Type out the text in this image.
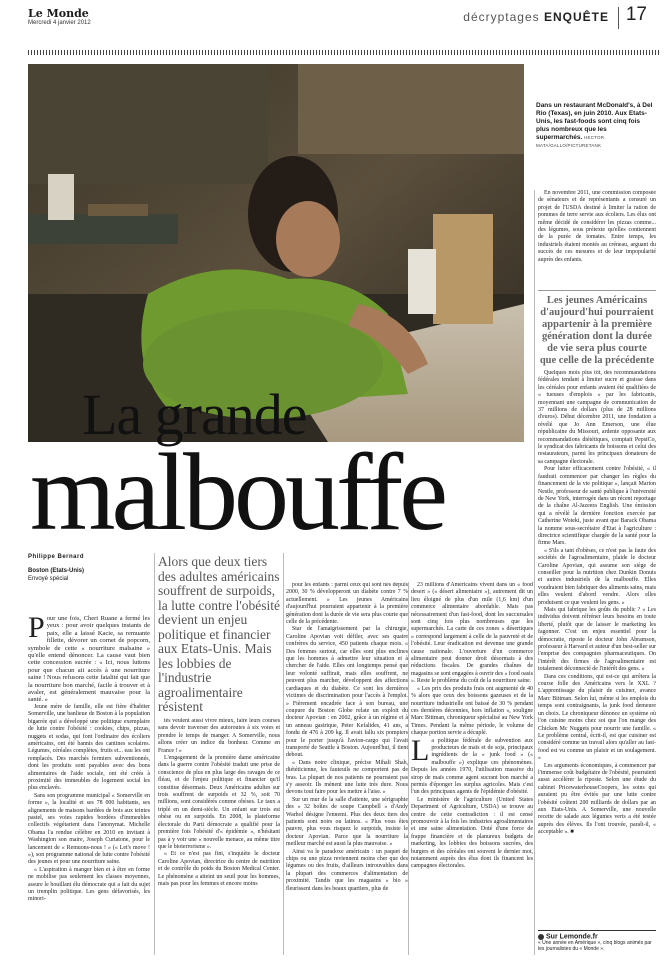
Le Monde
Mercredi 4 janvier 2012	décryptages ENQUÊTE 17
Dans un restaurant McDonald's, à Del Rio (Texas), en juin 2010. Aux Etats-Unis, les fast-foods sont cinq fois plus nombreux que les supermarchés. HECTOR MATA/GALLO/PICTURETANK
La grande
malbouffe
Philippe Bernard
Boston (Etats-Unis)
Envoyé spécial

Alors que deux tiers des adultes américains souffrent de surpoids, la lutte contre l'obésité devient un enjeu politique et financier aux Etats-Unis. Mais les lobbies de l'industrie agroalimentaire résistent

Pour une fois, Cheri Ruane a fermé les yeux : pour avoir quelques instants de paix, elle a laissé Kacie, sa remuante fillette, dévorer un cornet de popcorn, symbole de cette « nourriture malsaine » qu'elle entend dénoncer. La cause vaut bien cette concession sucrée : « Ici, nous luttons pour que chacun ait accès à une nourriture saine ! Nous refusons cette fatalité qui fait que la nourriture bon marché, facile à trouver et à avaler, est généralement mauvaise pour la santé. »

Jeune mère de famille, elle est fière d'habiter Somerville, une banlieue de Boston à la population bigarrée qui a développé une politique exemplaire de lutte contre l'obésité : cookies, chips, pizzas, nuggets et sodas, qui font l'ordinaire des écoliers américains, ont été bannis des cantines scolaires. Légumes, céréales complètes, fruits et... eau les ont remplacés. Des marchés fermiers subventionnés, dont les produits sont payables avec des bons alimentaires de l'aide sociale, ont été créés à proximité des immeubles de logement social les plus enclavés.

Sans son programme municipal « Somerville en forme », la localité et ses 78 000 habitants, ses alignements de maisons bardées de bois aux teintes pastel, ses voies rapides bordées d'immeubles collectifs végétarient dans l'anonymat. Michelle Obama l'a rendue célèbre en 2010 en invitant à Washington son maire, Joseph Curtatone, pour le lancement de « Remuons-nous ! » (« Let's move ! »), son programme national de lutte contre l'obésité des jeunes et pour une nourriture saine.

« L'aspiration à manger bien et à être en forme ne mobilise pas seulement les classes moyennes, assure le bouillant élu démocrate qui a fait du sujet un tremplin politique. Les gens défavorisés, les minori-

tés veulent aussi vivre mieux, faire leurs courses sans devoir traverser des autoroutes à six voies et prendre le temps de manger. A Somerville, nous allons créer un indice du bonheur. Comme en France ! »

L'engagement de la première dame américaine dans la guerre contre l'obésité traduit une prise de conscience de plus en plus large des ravages de ce fléau, et de l'enjeu politique et financier qu'il constitue désormais. Deux Américains adultes sur trois souffrent de surpoids et 32 %, soit 70 millions, sont considérés comme obèses. Le taux a triplé en un demi-siècle. Un enfant sur trois est obèse ou en surpoids. En 2008, la plateforme électorale du Parti démocrate a qualifié pour la première fois l'obésité d'« épidémie », n'hésitant pas à y voir une « nouvelle menace, au même titre que le bioterrorisme ».

« Et ce n'est pas fini, s'inquiète le docteur Caroline Apovian, directrice du centre de nutrition et de contrôle du poids du Boston Medical Center. Le phénomène a atteint un seuil pour les hommes, mais pas pour les femmes et encore moins

pour les enfants : parmi ceux qui sont nés depuis 2000, 30 % développeront un diabète contre 7 % actuellement. » Les jeunes Américains d'aujourd'hui pourraient appartenir à la première génération dont la durée de vie sera plus courte que celle de la précédente.

Star de l'amaigrissement par la chirurgie, Caroline Apovian voit défiler, avec ses quatre confrères du service, 450 patients chaque mois. « Des femmes surtout, car elles sont plus enclines que les hommes à admettre leur situation et à chercher de l'aide. Elles ont longtemps pensé que leur volonté suffirait, mais elles souffrent, ne peuvent plus marcher, développent des affections cardiaques et du diabète. Ce sont les dernières victimes de discrimination pour l'accès à l'emploi. » Fièrement encadrée face à son bureau, une coupure du Boston Globe relate un exploit du docteur Apovian : en 2002, grâce à un régime et à un anneau gastrique, Peter Kefalides, 41 ans, a fondu de 476 à 209 kg. Il avait fallu six pompiers pour le porter jusqu'à l'avion-cargo qui l'avait transporté de Seattle à Boston. Aujourd'hui, il tient debout.

« Dans notre clinique, précise Mihali Shah, diététicienne, les fauteuils ne comportent pas de bras. La plupart de nos patients ne pourraient pas s'y asseoir. Ils mènent une lutte très dure. Nous devons tout faire pour les mettre à l'aise. »

Sur un mur de la salle d'attente, une sérigraphie des « 32 boîtes de soupe Campbell » d'Andy Warhol désigne l'ennemi. Plus des deux tiers des patients sont noirs ou latinos. « Plus vous êtes pauvre, plus vous risquez le surpoids, insiste le docteur Apovian. Parce que la nourriture la meilleur marché est aussi la plus mauvaise. »

Ainsi va le paradoxe américain : un paquet de chips ou une pizza reviennent moins cher que des légumes ou des fruits, d'ailleurs introuvables dans la plupart des commerces d'alimentation de proximité. Tandis que les magasins « bio » fleurissent dans les beaux quartiers, plus de

23 millions d'Américains vivent dans un « food desert » (« désert alimentaire »), autrement dit un lieu éloigné de plus d'un mile (1,6 km) d'un commerce alimentaire abordable. Mais pas nécessairement d'un fast-food, dont les succursales sont cinq fois plus nombreuses que les supermarchés. La carte de ces zones « désertiques » correspond largement à celle de la pauvreté et de l'obésité. Leur éradication est devenue une grande cause nationale. L'ouverture d'un commerce alimentaire peut donner droit désormais à des réductions fiscales. De grandes chaînes de magasins se sont engagées à ouvrir des « food oasis ». Reste le problème du coût de la nourriture saine.

« Les prix des produits frais ont augmenté de 40 % alors que ceux des boissons gazeuses et de la nourriture industrielle ont baissé de 30 % pendant ces dernières décennies, hors inflation », souligne Marc Bittman, chroniqueur spécialisé au New York Times. Pendant la même période, le volume de chaque portion servie a décuplé.

La politique fédérale de subvention aux producteurs de maïs et de soja, principaux ingrédients de la « junk food » (« malbouffe ») explique ces phénomènes. Depuis les années 1970, l'utilisation massive du sirop de maïs comme agent sucrant bon marché a permis d'éponger les surplus agricoles. Mais c'est l'un des principaux agents de l'épidémie d'obésité.

Le ministère de l'agriculture (United States Department of Agriculture, USDA) se trouve au centre de cette contradiction : il est censé promouvoir à la fois les industries agroalimentaires et une saine alimentation. Doté d'une force de frappe financière et de planureux budgets de marketing, les lobbies des boissons sucrées, des burgers et des céréales ont souvent le dernier mot, notamment auprès des élus dont ils financent les campagnes électorales.

En novembre 2011, une commission composée de sénateurs et de représentants a censuré un projet de l'USDA destiné à limiter la ration de pommes de terre servie aux écoliers. Les élus ont même décidé de considérer les pizzas comme... des légumes, sous prétexte qu'elles contiennent de la purée de tomates. Entre temps, les industriels étaient montés au créneau, arguant du succès de ces mesures et de leur impopularité auprès des enfants.

Les jeunes Américains d'aujourd'hui pourraient appartenir à la première génération dont la durée de vie sera plus courte que celle de la précédente

Quelques mois plus tôt, des recommandations fédérales tendant à limiter sucre et graisse dans les céréales pour enfants avaient été qualifiées de « tueuses d'emplois » par les fabricants, moyennant une campagne de communication de 37 millions de dollars (plus de 28 millions d'euros). Début décembre 2011, une fondation a révélé que Jo Ann Emerson, une élue républicaine du Missouri, ardente opposante aux recommandations diététiques, comptait PepsiCo, le syndicat des fabricants de boissons et celui des restaurateurs, parmi les principaux donateurs de sa campagne électorale.

Pour lutter efficacement contre l'obésité, « il faudrait commencer par changer les règles du financement de la vie politique », lançait Marion Nestle, professeur de santé publique à l'université de New York, interrogée dans un récent reportage de la chaîne Al-Jazeera English. Une émission qui a révélé la dernière fonction exercée par Catherine Woteki, juste avant que Barack Obama la nomme sous-secrétaire d'Etat à l'agriculture : directrice scientifique chargée de la santé pour la firme Mars.

« S'ils a tant d'obèses, ce n'est pas la faute des sociétés de l'agroalimentaire, plaide le docteur Caroline Apovian, qui assume son siège de conseiller pour la nutrition chez Dunkin Donuts et autres industriels de la malbouffe. Elles voudraient bien fabriquer des aliments sains, mais elles veulent d'abord vendre. Alors elles produisent ce que veulent les gens. »

Mais qui fabrique les goûts du public ? « Les individus doivent réfréner leurs besoins en toute liberté, plutôt que de laisser le marketing les fagonner. C'est un enjeu essentiel pour la démocratie, riposte le docteur John Abramson, professeur à Harvard et auteur d'un best-seller sur l'emprise des compagnies pharmaceutiques. On l'intérêt des firmes de l'agroalimentaire est totalement déconnecté de l'intérêt des gens. »

Dans ces conditions, qui est-ce qui arrêtera la course folle des Américains vers le XXL ? L'apprentissage du plaisir de cuisiner, avance Marc Bittman. Selon lui, même si les emplois du temps sont contraignants, la junk food demeure un choix. Le chroniqueur dénonce un système où l'on cuisine moins chez soi que l'on mange des Chicken Mc Nuggets pour nourrir une famille. « Le problème central, écrit-il, est que cuisiner est considéré comme un travail alors qu'aller au fast-food est vu comme un plaisir et un soulagement. »

Les arguments économiques, à commencer par l'immense coût budgétaire de l'obésité, pourraient aussi accélérer la riposte. Selon une étude du cabinet PricewaterhouseCoopers, les soins qui auraient pu être évités par une lutte contre l'obésité coûtent 200 milliards de dollars par an aux Etats-Unis. A Somerville, une nouvelle recette de salade aux légumes verts a été testée auprès des élèves. Ils l'ont trouvée, paraît-il, « acceptable ». ■

Sur Lemonde.fr
« Une année en Amérique », cinq blogs animés par les journalistes du « Monde ».
